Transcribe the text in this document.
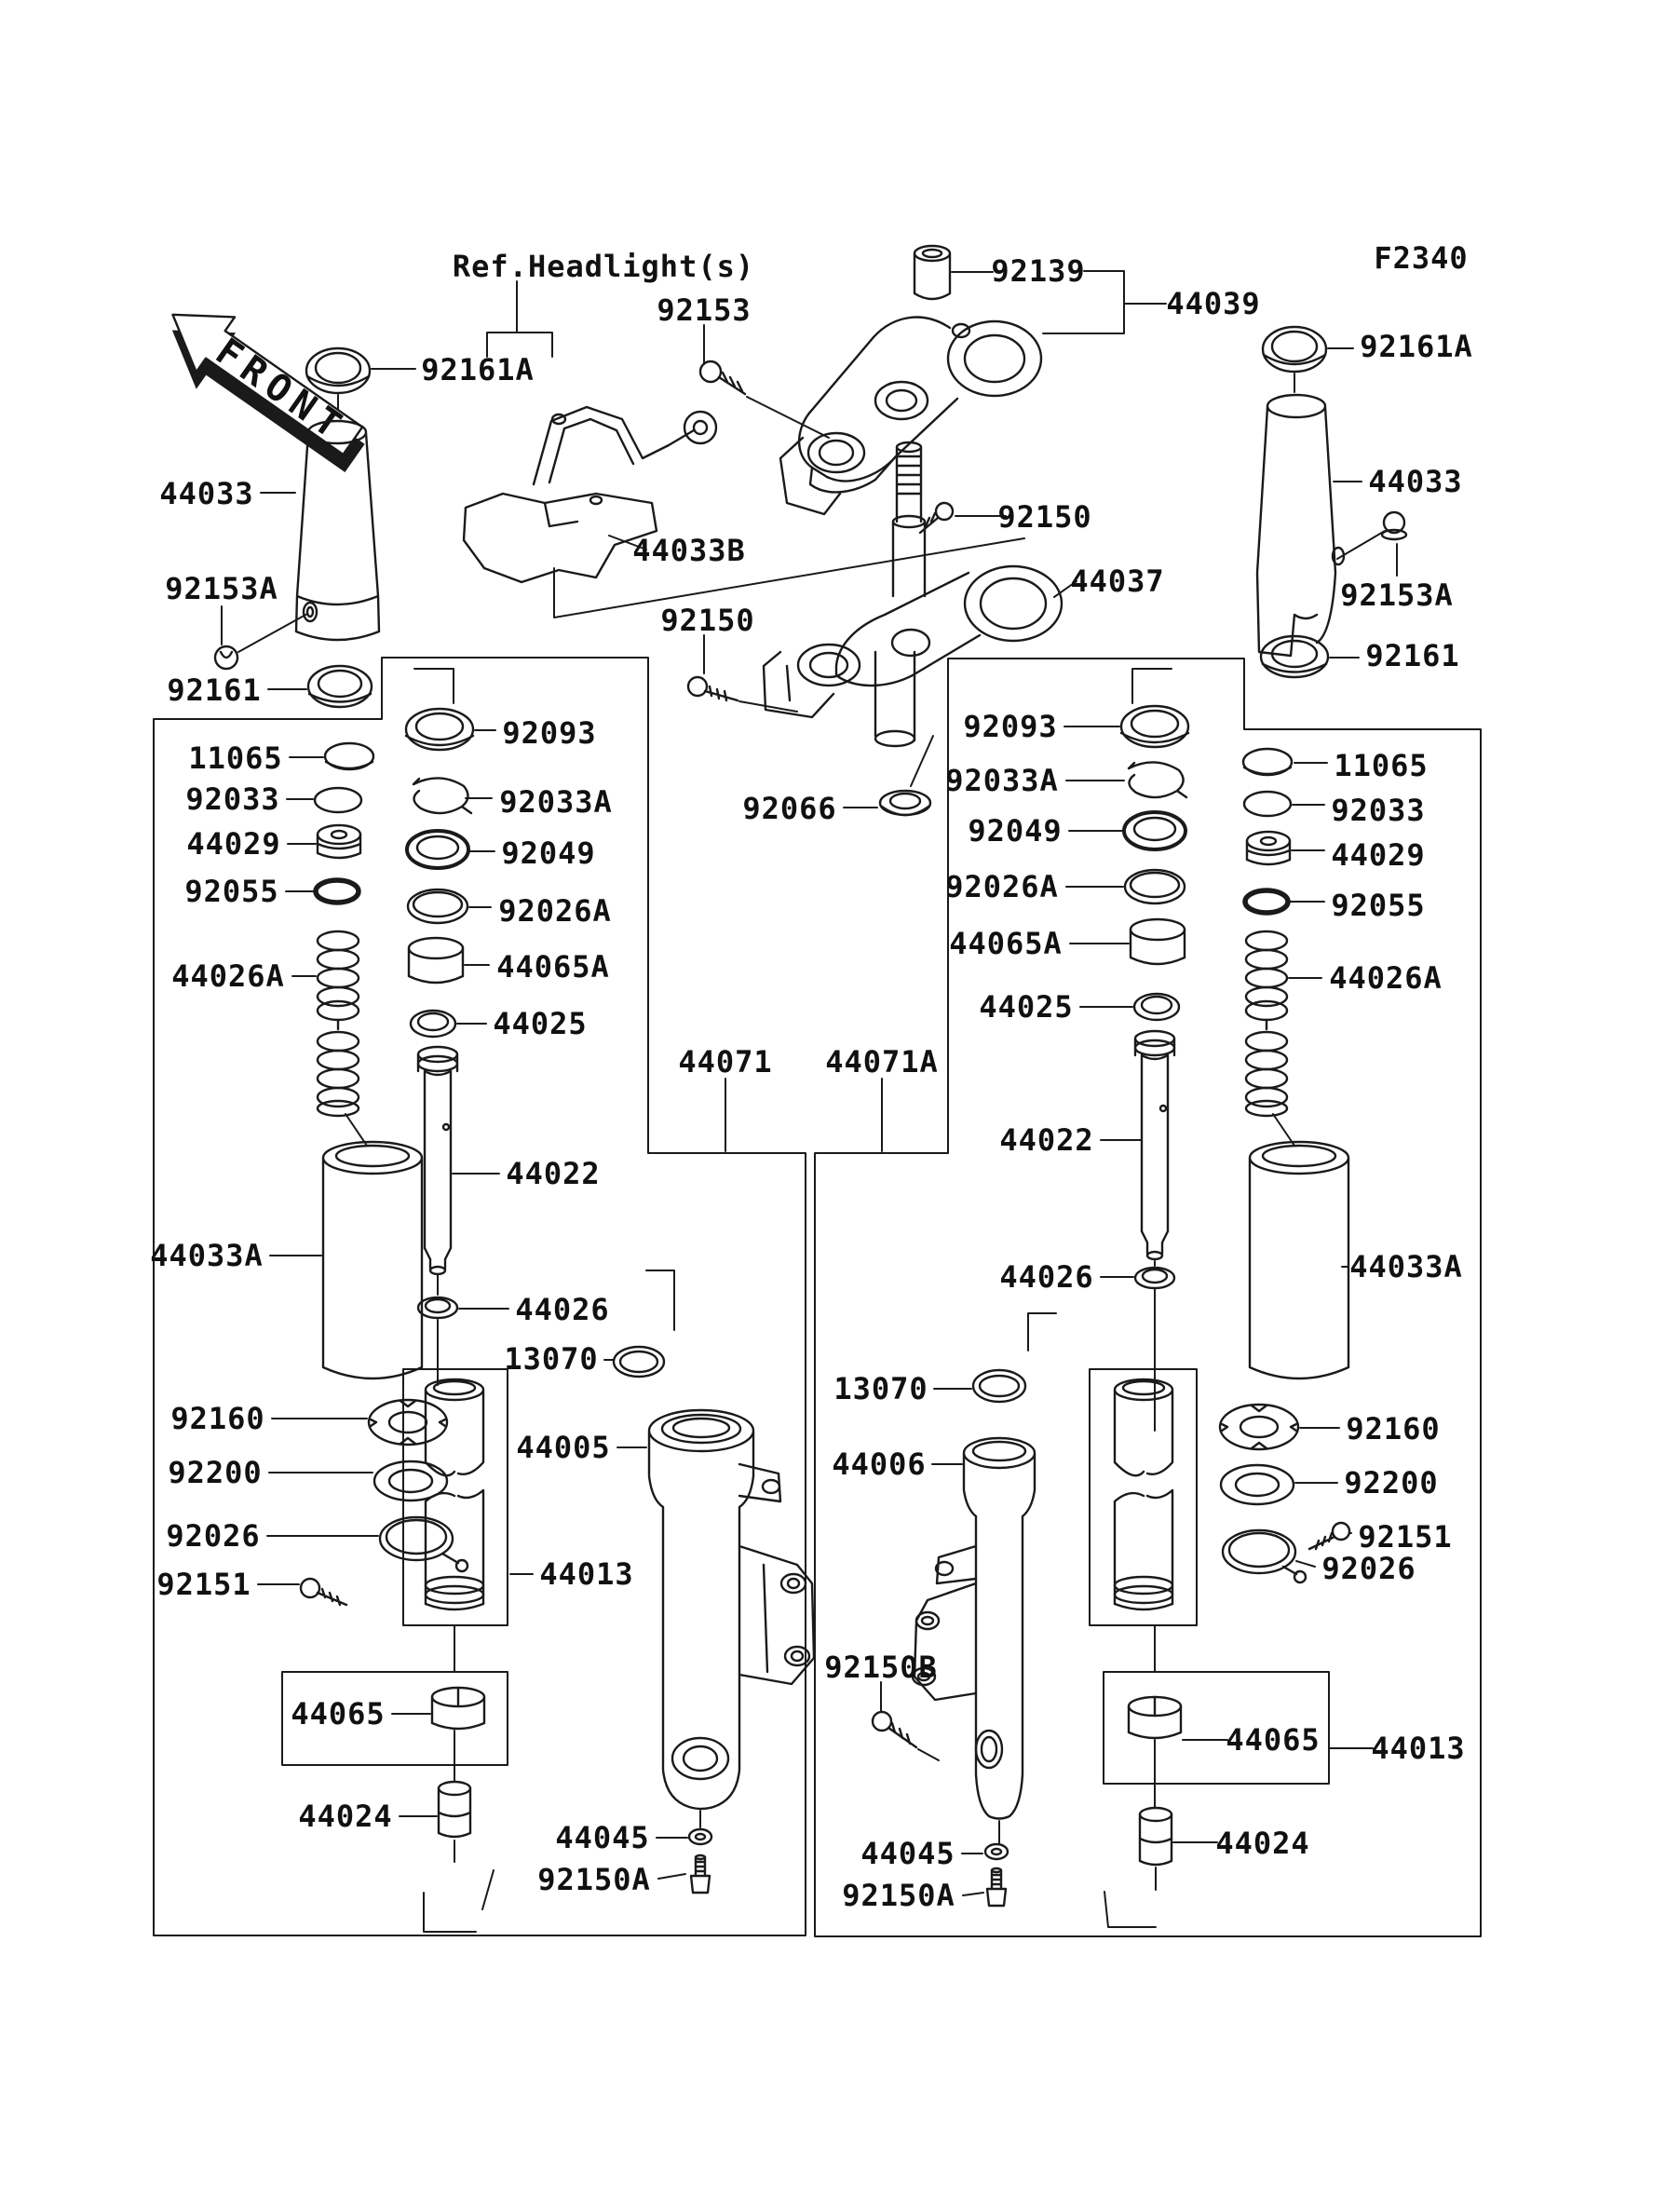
FRONT
Ref.Headlight(s)	F2340
92153
92139
44039
92161A
92161A
44033	44033
44033B
92150
44037
92153A	92153A
92150
92161
92161
92093	92093
11065
92033A	11065
92033	92033A	92066	92033
44029	92049
92049
44029
92055
92026A
92026A
92055
44065A
44065A
44026A	44026A
44025	44025
44071 44071A
44022
44022
44033A	44033A
44026
44026
13070
13070
44005	44006
92160	92160
92200	92200
92026	92151
92151	92026
44013
92150B
44065
44065 44013
44024
44024
44045	44045
92150A	92150A
